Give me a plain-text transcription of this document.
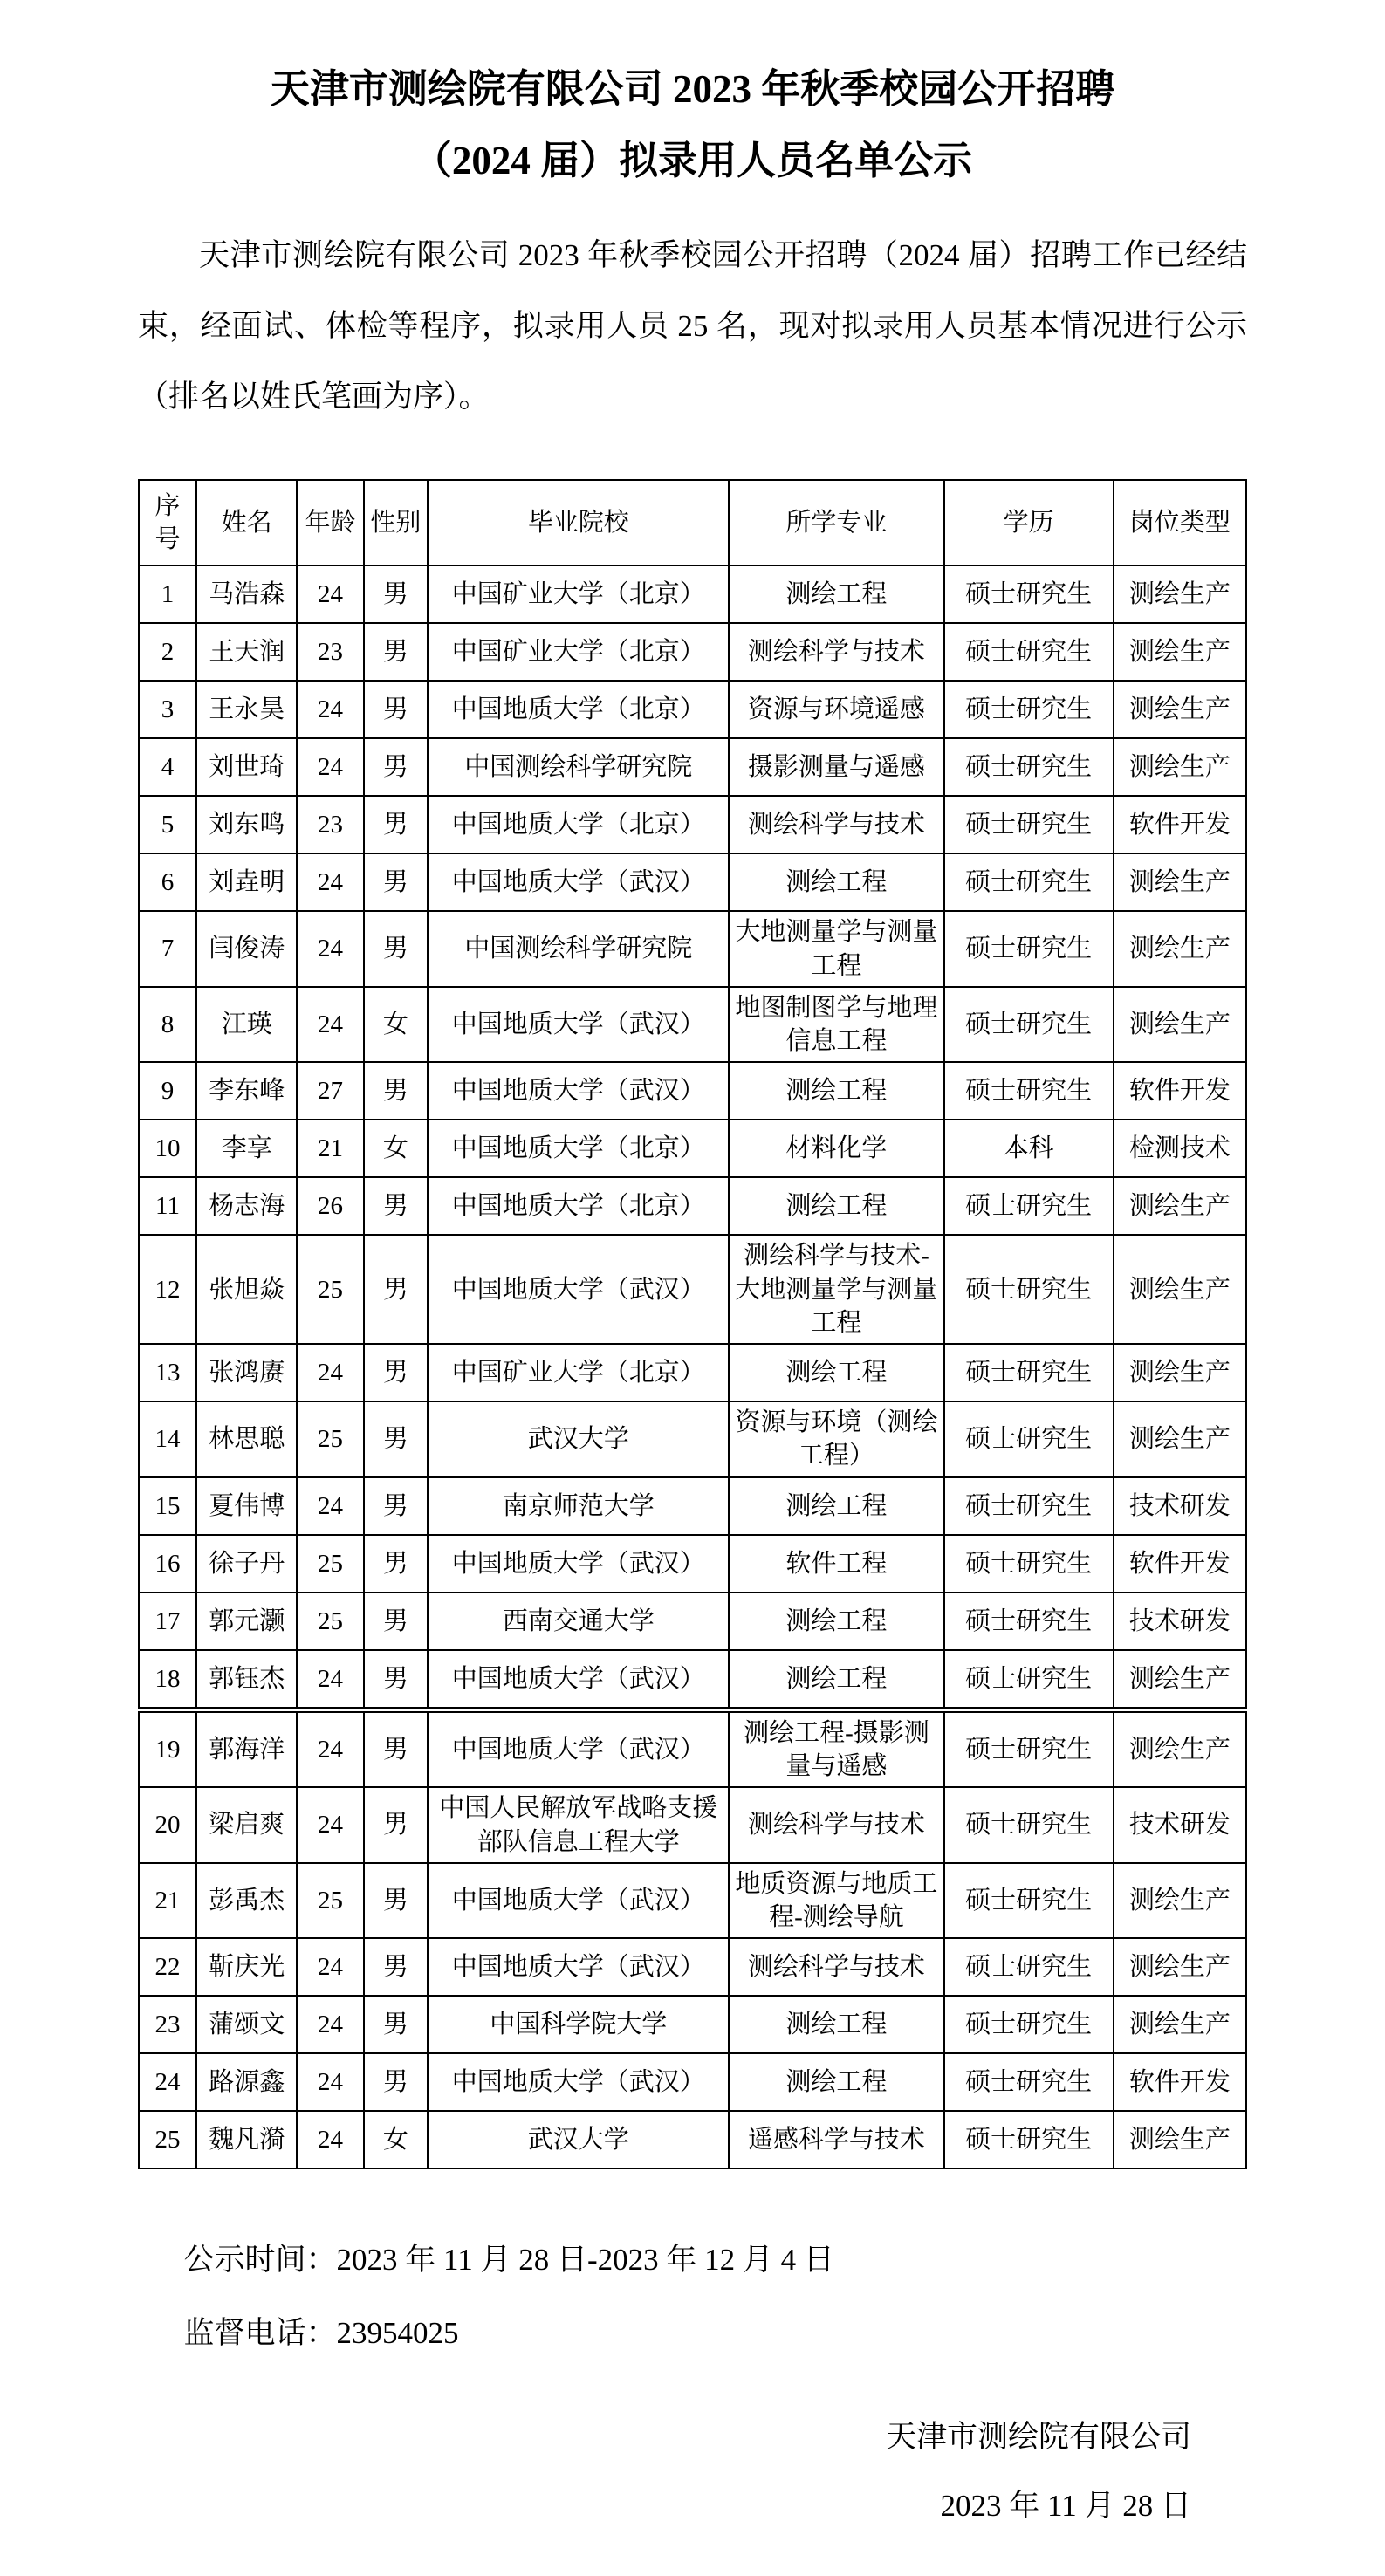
天津市测绘院有限公司 2023 年秋季校园公开招聘
（2024 届）拟录用人员名单公示

天津市测绘院有限公司 2023 年秋季校园公开招聘（2024 届）招聘工作已经结束，经面试、体检等程序，拟录用人员 25 名，现对拟录用人员基本情况进行公示（排名以姓氏笔画为序）。

序号	姓名	年龄	性别	毕业院校	所学专业	学历	岗位类型
1	马浩森	24	男	中国矿业大学（北京）	测绘工程	硕士研究生	测绘生产
2	王天润	23	男	中国矿业大学（北京）	测绘科学与技术	硕士研究生	测绘生产
3	王永昊	24	男	中国地质大学（北京）	资源与环境遥感	硕士研究生	测绘生产
4	刘世琦	24	男	中国测绘科学研究院	摄影测量与遥感	硕士研究生	测绘生产
5	刘东鸣	23	男	中国地质大学（北京）	测绘科学与技术	硕士研究生	软件开发
6	刘垚明	24	男	中国地质大学（武汉）	测绘工程	硕士研究生	测绘生产
7	闫俊涛	24	男	中国测绘科学研究院	大地测量学与测量工程	硕士研究生	测绘生产
8	江瑛	24	女	中国地质大学（武汉）	地图制图学与地理信息工程	硕士研究生	测绘生产
9	李东峰	27	男	中国地质大学（武汉）	测绘工程	硕士研究生	软件开发
10	李享	21	女	中国地质大学（北京）	材料化学	本科	检测技术
11	杨志海	26	男	中国地质大学（北京）	测绘工程	硕士研究生	测绘生产
12	张旭焱	25	男	中国地质大学（武汉）	测绘科学与技术-大地测量学与测量工程	硕士研究生	测绘生产
13	张鸿赓	24	男	中国矿业大学（北京）	测绘工程	硕士研究生	测绘生产
14	林思聪	25	男	武汉大学	资源与环境（测绘工程）	硕士研究生	测绘生产
15	夏伟博	24	男	南京师范大学	测绘工程	硕士研究生	技术研发
16	徐子丹	25	男	中国地质大学（武汉）	软件工程	硕士研究生	软件开发
17	郭元灏	25	男	西南交通大学	测绘工程	硕士研究生	技术研发
18	郭钰杰	24	男	中国地质大学（武汉）	测绘工程	硕士研究生	测绘生产
19	郭海洋	24	男	中国地质大学（武汉）	测绘工程-摄影测量与遥感	硕士研究生	测绘生产
20	梁启爽	24	男	中国人民解放军战略支援部队信息工程大学	测绘科学与技术	硕士研究生	技术研发
21	彭禹杰	25	男	中国地质大学（武汉）	地质资源与地质工程-测绘导航	硕士研究生	测绘生产
22	靳庆光	24	男	中国地质大学（武汉）	测绘科学与技术	硕士研究生	测绘生产
23	蒲颂文	24	男	中国科学院大学	测绘工程	硕士研究生	测绘生产
24	路源鑫	24	男	中国地质大学（武汉）	测绘工程	硕士研究生	软件开发
25	魏凡漪	24	女	武汉大学	遥感科学与技术	硕士研究生	测绘生产

公示时间：2023 年 11 月 28 日-2023 年 12 月 4 日

监督电话：23954025

天津市测绘院有限公司

2023 年 11 月 28 日
